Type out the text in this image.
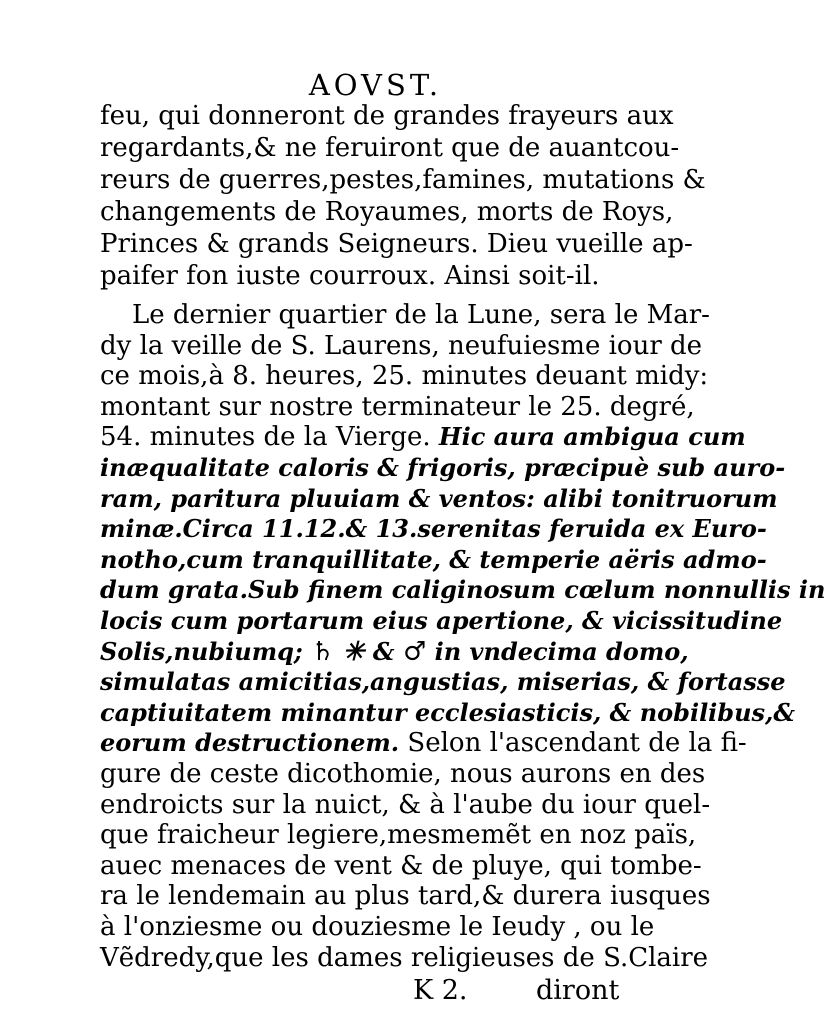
AOVST.
feu, qui donneront de grandes frayeurs aux
regardants,& ne feruiront que de auantcou-
reurs de guerres,pestes,famines, mutations &
changements de Royaumes, morts de Roys,
Princes & grands Seigneurs. Dieu vueille ap-
paifer fon iuste courroux. Ainsi soit-il.
Le dernier quartier de la Lune, sera le Mar-
dy la veille de S. Laurens, neufuiesme iour de
ce mois,à 8. heures, 25. minutes deuant midy:
montant sur nostre terminateur le 25. degré,
54. minutes de la Vierge. Hic aura ambigua cum
inæqualitate caloris & frigoris, præcipuè sub auro-
ram, paritura pluuiam & ventos: alibi tonitruorum
minæ.Circa 11.12.& 13.serenitas feruida ex Euro-
notho,cum tranquillitate, & temperie aëris admo-
dum grata.Sub finem caliginosum cœlum nonnullis in
locis cum portarum eius apertione, & vicissitudine
Solis,nubiumq; ♄ ✳ & ♂ in vndecima domo,
simulatas amicitias,angustias, miserias, & fortasse
captiuitatem minantur ecclesiasticis, & nobilibus,&
eorum destructionem. Selon l'ascendant de la fi-
gure de ceste dicothomie, nous aurons en des
endroicts sur la nuict, & à l'aube du iour quel-
que fraicheur legiere,mesmemẽt en noz païs,
auec menaces de vent & de pluye, qui tombe-
ra le lendemain au plus tard,& durera iusques
à l'onziesme ou douziesme le Ieudy , ou le
Vẽdredy,que les dames religieuses de S.Claire
K 2.	diront
